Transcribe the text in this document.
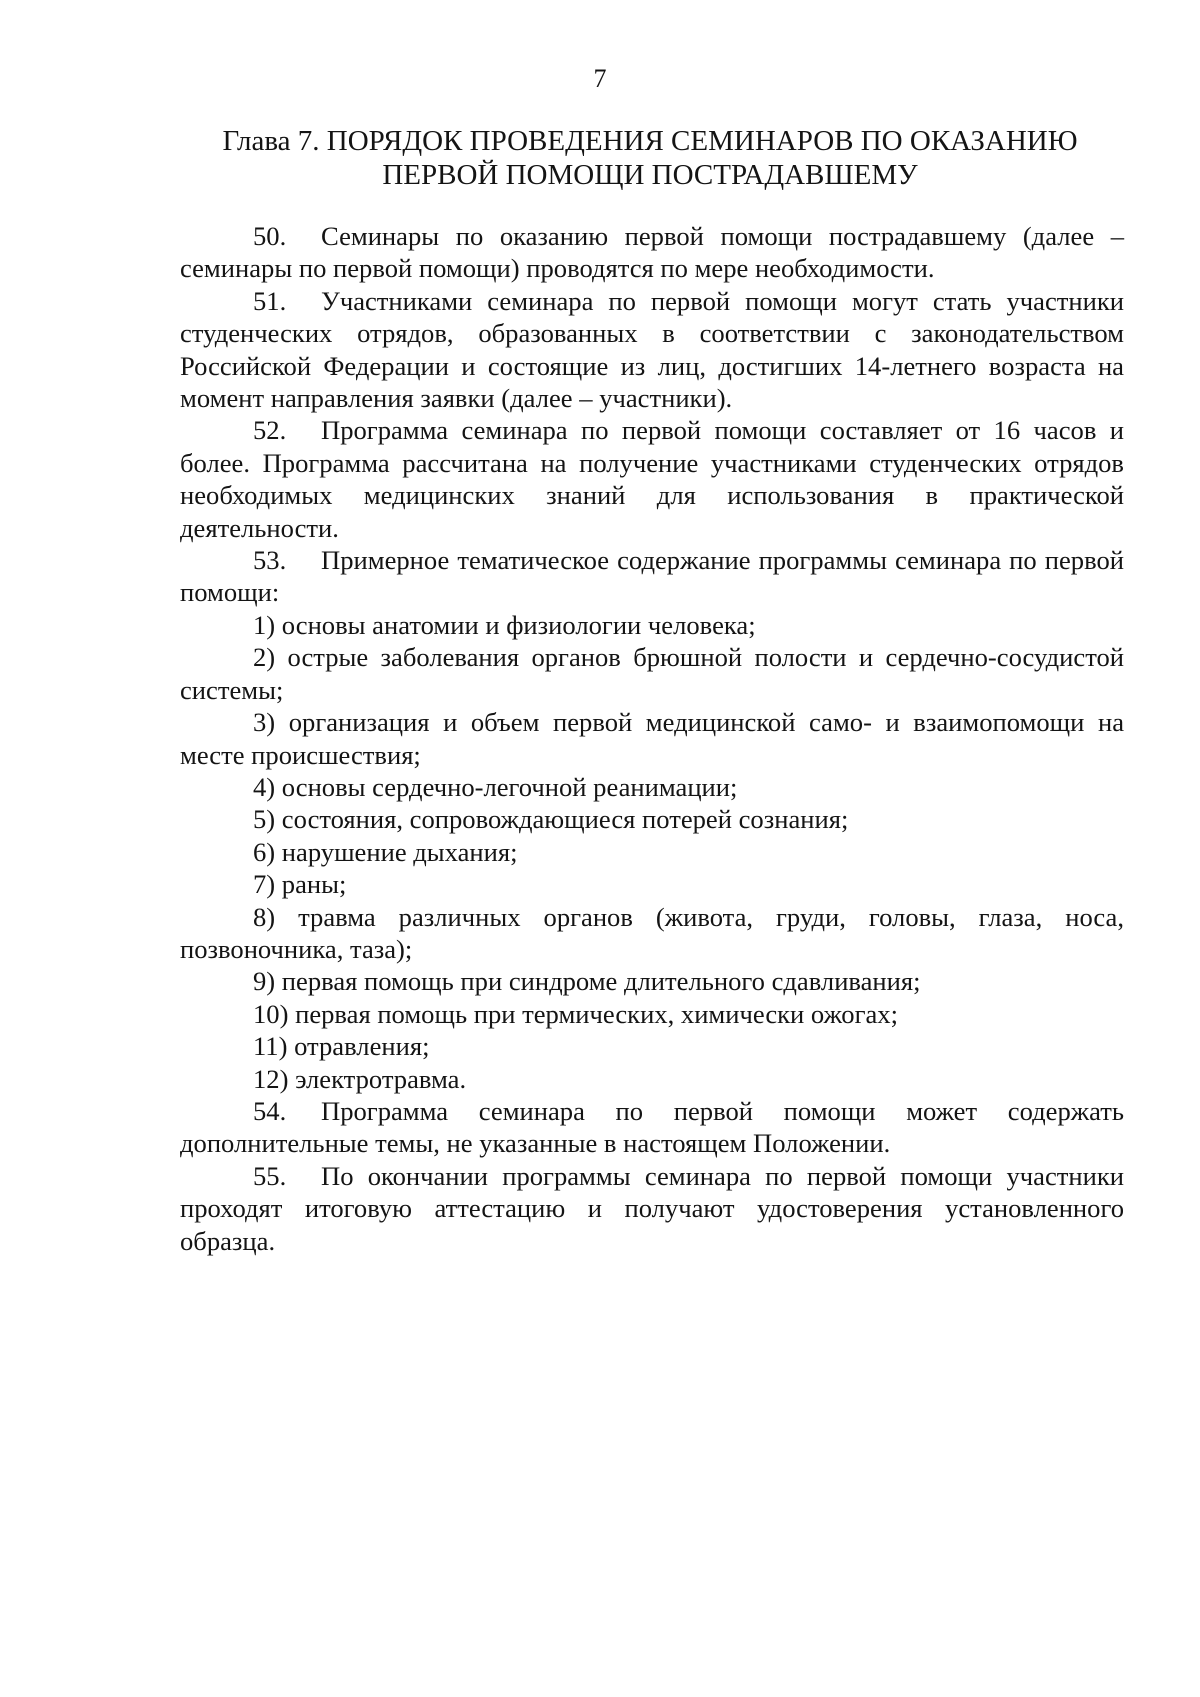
7
Глава 7. ПОРЯДОК ПРОВЕДЕНИЯ СЕМИНАРОВ ПО ОКАЗАНИЮ
ПЕРВОЙ ПОМОЩИ ПОСТРАДАВШЕМУ

50. Семинары по оказанию первой помощи пострадавшему (далее – семинары по первой помощи) проводятся по мере необходимости.

51. Участниками семинара по первой помощи могут стать участники студенческих отрядов, образованных в соответствии с законодательством Российской Федерации и состоящие из лиц, достигших 14-летнего возраста на момент направления заявки (далее – участники).

52. Программа семинара по первой помощи составляет от 16 часов и более. Программа рассчитана на получение участниками студенческих отрядов необходимых медицинских знаний для использования в практической деятельности.

53. Примерное тематическое содержание программы семинара по первой помощи:

1) основы анатомии и физиологии человека;

2) острые заболевания органов брюшной полости и сердечно-сосудистой системы;

3) организация и объем первой медицинской само- и взаимопомощи на месте происшествия;

4) основы сердечно-легочной реанимации;

5) состояния, сопровождающиеся потерей сознания;

6) нарушение дыхания;

7) раны;

8) травма различных органов (живота, груди, головы, глаза, носа, позвоночника, таза);

9) первая помощь при синдроме длительного сдавливания;

10) первая помощь при термических, химически ожогах;

11) отравления;

12) электротравма.

54. Программа семинара по первой помощи может содержать дополнительные темы, не указанные в настоящем Положении.

55. По окончании программы семинара по первой помощи участники проходят итоговую аттестацию и получают удостоверения установленного образца.
